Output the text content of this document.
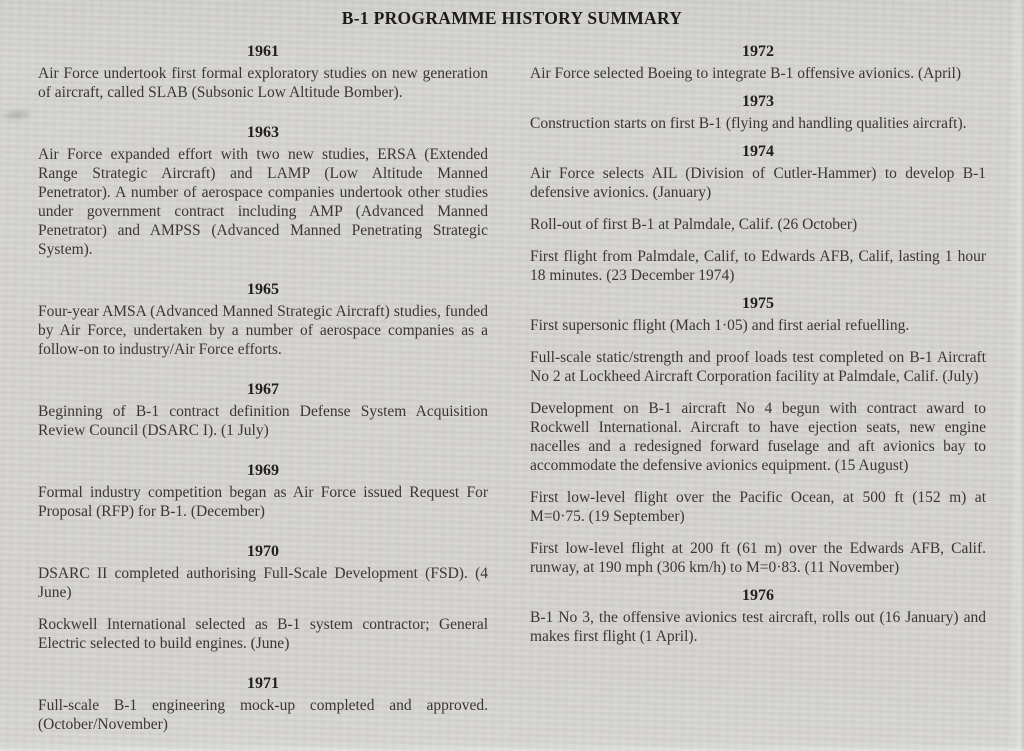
B-1 PROGRAMME HISTORY SUMMARY
1961

Air Force undertook first formal exploratory studies on new generation of aircraft, called SLAB (Subsonic Low Altitude Bomber).

1963

Air Force expanded effort with two new studies, ERSA (Extended Range Strategic Aircraft) and LAMP (Low Altitude Manned Penetrator). A number of aerospace companies undertook other studies under government contract including AMP (Advanced Manned Penetrator) and AMPSS (Advanced Manned Penetrating Strategic System).

1965

Four-year AMSA (Advanced Manned Strategic Aircraft) studies, funded by Air Force, undertaken by a number of aerospace companies as a follow-on to industry/Air Force efforts.

1967

Beginning of B-1 contract definition Defense System Acquisition Review Council (DSARC I). (1 July)

1969

Formal industry competition began as Air Force issued Request For Proposal (RFP) for B-1. (December)

1970

DSARC II completed authorising Full-Scale Development (FSD). (4 June)

Rockwell International selected as B-1 system contractor; General Electric selected to build engines. (June)

1971

Full-scale B-1 engineering mock-up completed and approved. (October/November)

1972

Air Force selected Boeing to integrate B-1 offensive avionics. (April)

1973

Construction starts on first B-1 (flying and handling qualities aircraft).

1974

Air Force selects AIL (Division of Cutler-Hammer) to develop B-1 defensive avionics. (January)

Roll-out of first B-1 at Palmdale, Calif. (26 October)

First flight from Palmdale, Calif, to Edwards AFB, Calif, lasting 1 hour 18 minutes. (23 December 1974)

1975

First supersonic flight (Mach 1·05) and first aerial refuelling.

Full-scale static/strength and proof loads test completed on B-1 Aircraft No 2 at Lockheed Aircraft Corporation facility at Palmdale, Calif. (July)

Development on B-1 aircraft No 4 begun with contract award to Rockwell International. Aircraft to have ejection seats, new engine nacelles and a redesigned forward fuselage and aft avionics bay to accommodate the defensive avionics equipment. (15 August)

First low-level flight over the Pacific Ocean, at 500 ft (152 m) at M=0·75. (19 September)

First low-level flight at 200 ft (61 m) over the Edwards AFB, Calif. runway, at 190 mph (306 km/h) to M=0·83. (11 November)

1976

B-1 No 3, the offensive avionics test aircraft, rolls out (16 January) and makes first flight (1 April).
